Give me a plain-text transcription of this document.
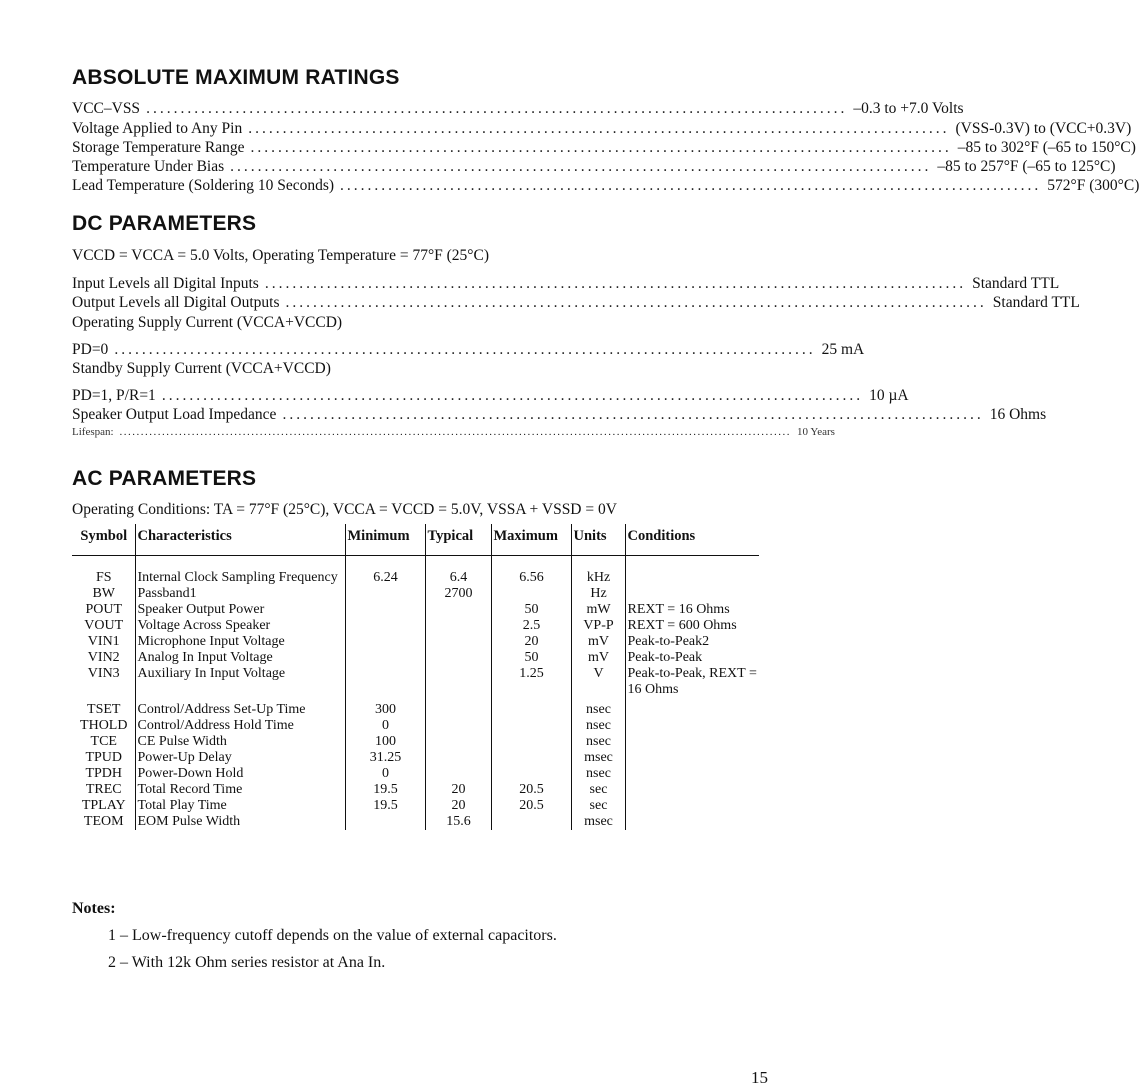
ABSOLUTE MAXIMUM RATINGS
VCC–VSS ...................................................................................................... –0.3 to +7.0 Volts
Voltage Applied to Any Pin ...................................................................................................... (VSS-0.3V) to (VCC+0.3V)
Storage Temperature Range ...................................................................................................... –85 to 302°F (–65 to 150°C)
Temperature Under Bias ...................................................................................................... –85 to 257°F (–65 to 125°C)
Lead Temperature (Soldering 10 Seconds) ...................................................................................................... 572°F (300°C)
DC PARAMETERS
VCCD = VCCA = 5.0 Volts, Operating Temperature = 77°F (25°C)
Input Levels all Digital Inputs ...................................................................................................... Standard TTL
Output Levels all Digital Outputs ...................................................................................................... Standard TTL
Operating Supply Current (VCCA+VCCD)
PD=0 ...................................................................................................... 25 mA
Standby Supply Current (VCCA+VCCD)
PD=1, P/R=1 ...................................................................................................... 10 µA
Speaker Output Load Impedance ...................................................................................................... 16 Ohms
Lifespan: .............................................................................................................................................................. 10 Years
AC PARAMETERS
Operating Conditions: TA = 77°F (25°C), VCCA = VCCD = 5.0V, VSSA + VSSD = 0V
Symbol	Characteristics	Minimum	Typical	Maximum	Units	Conditions
FS	Internal Clock Sampling Frequency	6.24	6.4	6.56	kHz	
BW	Passband1		2700		Hz	
POUT	Speaker Output Power			50	mW	REXT = 16 Ohms
VOUT	Voltage Across Speaker			2.5	VP-P	REXT = 600 Ohms
VIN1	Microphone Input Voltage			20	mV	Peak-to-Peak2
VIN2	Analog In Input Voltage			50	mV	Peak-to-Peak
VIN3	Auxiliary In Input Voltage			1.25	V	Peak-to-Peak, REXT = 16 Ohms
TSET	Control/Address Set-Up Time	300			nsec	
THOLD	Control/Address Hold Time	0			nsec	
TCE	CE Pulse Width	100			nsec	
TPUD	Power-Up Delay	31.25			msec	
TPDH	Power-Down Hold	0			nsec	
TREC	Total Record Time	19.5	20	20.5	sec	
TPLAY	Total Play Time	19.5	20	20.5	sec	
TEOM	EOM Pulse Width		15.6		msec	

Notes:

1 – Low-frequency cutoff depends on the value of external capacitors.

2 – With 12k Ohm series resistor at Ana In.

15
